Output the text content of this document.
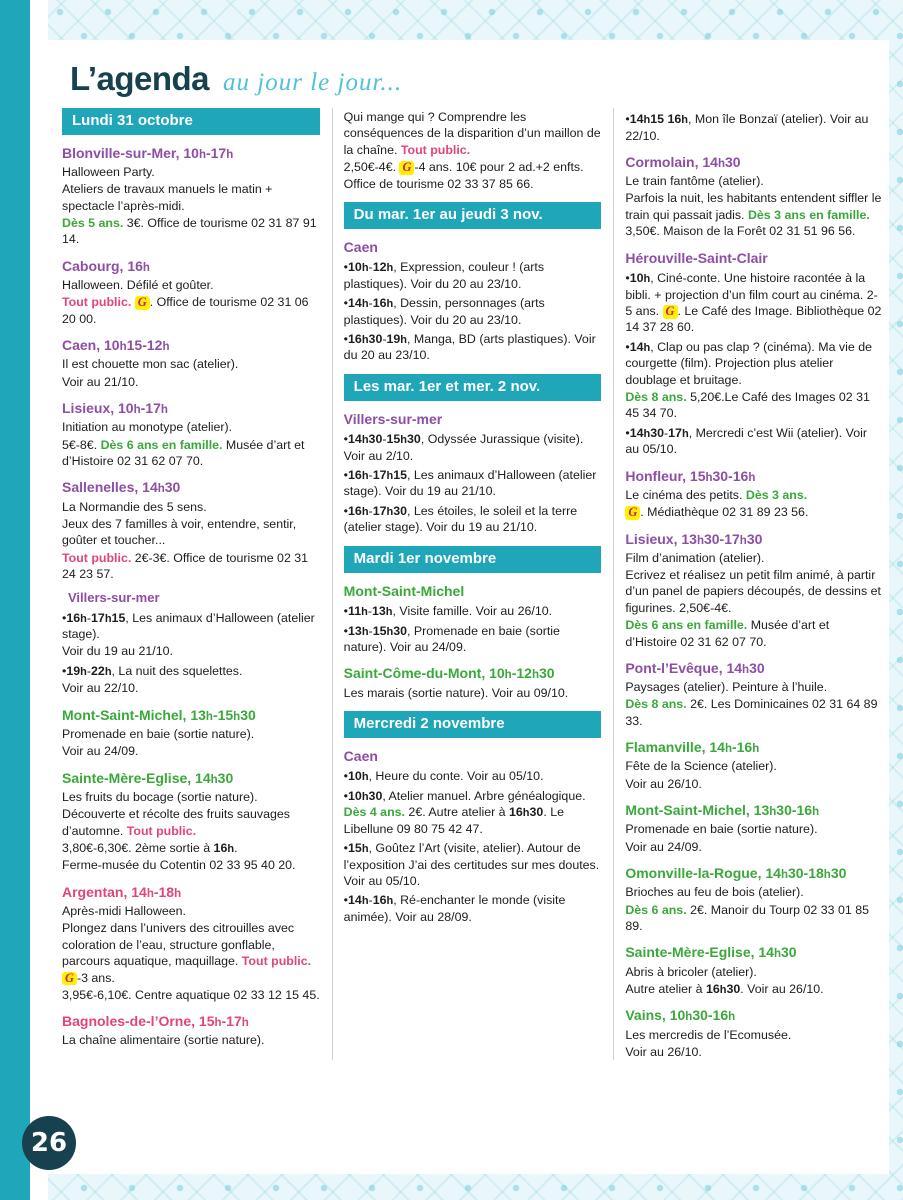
26
L’agenda au jour le jour...
Lundi 31 octobre
Blonville-sur-Mer, 10h-17h
Halloween Party.
Ateliers de travaux manuels le matin + spectacle l’après-midi.
Dès 5 ans. 3€. Office de tourisme 02 31 87 91 14.
Cabourg, 16h
Halloween. Défilé et goûter.
Tout public. G . Office de tourisme 02 31 06 20 00.
Caen, 10h15-12h
Il est chouette mon sac (atelier).
Voir au 21/10.
Lisieux, 10h-17h
Initiation au monotype (atelier).
5€-8€. Dès 6 ans en famille. Musée d’art et d’Histoire 02 31 62 07 70.
Sallenelles, 14h30
La Normandie des 5 sens.
Jeux des 7 familles à voir, entendre, sentir, goûter et toucher...
Tout public. 2€-3€. Office de tourisme 02 31 24 23 57.
Villers-sur-mer
•16h-17h15, Les animaux d’Halloween (atelier stage).
Voir du 19 au 21/10.
•19h-22h, La nuit des squelettes.
Voir au 22/10.
Mont-Saint-Michel, 13h-15h30
Promenade en baie (sortie nature).
Voir au 24/09.
Sainte-Mère-Eglise, 14h30
Les fruits du bocage (sortie nature).
Découverte et récolte des fruits sauvages d’automne. Tout public.
3,80€-6,30€. 2ème sortie à 16h.
Ferme-musée du Cotentin 02 33 95 40 20.
Argentan, 14h-18h
Après-midi Halloween.
Plongez dans l’univers des citrouilles avec coloration de l’eau, structure gonflable, parcours aquatique, maquillage. Tout public. G -3 ans.
3,95€-6,10€. Centre aquatique 02 33 12 15 45.
Bagnoles-de-l’Orne, 15h-17h
La chaîne alimentaire (sortie nature).
Qui mange qui ? Comprendre les conséquences de la disparition d’un maillon de la chaîne. Tout public.
2,50€-4€. G -4 ans. 10€ pour 2 ad.+2 enfts. Office de tourisme 02 33 37 85 66.
Du mar. 1er au jeudi 3 nov.
Caen
•10h-12h, Expression, couleur ! (arts plastiques). Voir du 20 au 23/10.
•14h-16h, Dessin, personnages (arts plastiques). Voir du 20 au 23/10.
•16h30-19h, Manga, BD (arts plastiques). Voir du 20 au 23/10.
Les mar. 1er et mer. 2 nov.
Villers-sur-mer
•14h30-15h30, Odyssée Jurassique (visite). Voir au 2/10.
•16h-17h15, Les animaux d’Halloween (atelier stage). Voir du 19 au 21/10.
•16h-17h30, Les étoiles, le soleil et la terre (atelier stage). Voir du 19 au 21/10.
Mardi 1er novembre
Mont-Saint-Michel
•11h-13h, Visite famille. Voir au 26/10.
•13h-15h30, Promenade en baie (sortie nature). Voir au 24/09.
Saint-Côme-du-Mont, 10h-12h30
Les marais (sortie nature). Voir au 09/10.
Mercredi 2 novembre
Caen
•10h, Heure du conte. Voir au 05/10.
•10h30, Atelier manuel. Arbre généalogique. Dès 4 ans. 2€. Autre atelier à 16h30. Le Libellune 09 80 75 42 47.
•15h, Goûtez l’Art (visite, atelier). Autour de l’exposition J’ai des certitudes sur mes doutes. Voir au 05/10.
•14h-16h, Ré-enchanter le monde (visite animée). Voir au 28/09.
•14h15 16h, Mon île Bonzaï (atelier). Voir au 22/10.
Cormolain, 14h30
Le train fantôme (atelier).
Parfois la nuit, les habitants entendent siffler le train qui passait jadis. Dès 3 ans en famille. 3,50€. Maison de la Forêt 02 31 51 96 56.
Hérouville-Saint-Clair
•10h, Ciné-conte. Une histoire racontée à la bibli. + projection d’un film court au cinéma. 2-5 ans. G . Le Café des Image. Bibliothèque 02 14 37 28 60.
•14h, Clap ou pas clap ? (cinéma). Ma vie de courgette (film). Projection plus atelier doublage et bruitage.
Dès 8 ans. 5,20€.Le Café des Images 02 31 45 34 70.
•14h30-17h, Mercredi c’est Wii (atelier). Voir au 05/10.
Honfleur, 15h30-16h
Le cinéma des petits. Dès 3 ans.
G . Médiathèque 02 31 89 23 56.
Lisieux, 13h30-17h30
Film d’animation (atelier).
Ecrivez et réalisez un petit film animé, à partir d’un panel de papiers découpés, de dessins et figurines. 2,50€-4€.
Dès 6 ans en famille. Musée d’art et d’Histoire 02 31 62 07 70.
Pont-l’Evêque, 14h30
Paysages (atelier). Peinture à l’huile.
Dès 8 ans. 2€. Les Dominicaines 02 31 64 89 33.
Flamanville, 14h-16h
Fête de la Science (atelier).
Voir au 26/10.
Mont-Saint-Michel, 13h30-16h
Promenade en baie (sortie nature).
Voir au 24/09.
Omonville-la-Rogue, 14h30-18h30
Brioches au feu de bois (atelier).
Dès 6 ans. 2€. Manoir du Tourp 02 33 01 85 89.
Sainte-Mère-Eglise, 14h30
Abris à bricoler (atelier).
Autre atelier à 16h30. Voir au 26/10.
Vains, 10h30-16h
Les mercredis de l’Ecomusée.
Voir au 26/10.
